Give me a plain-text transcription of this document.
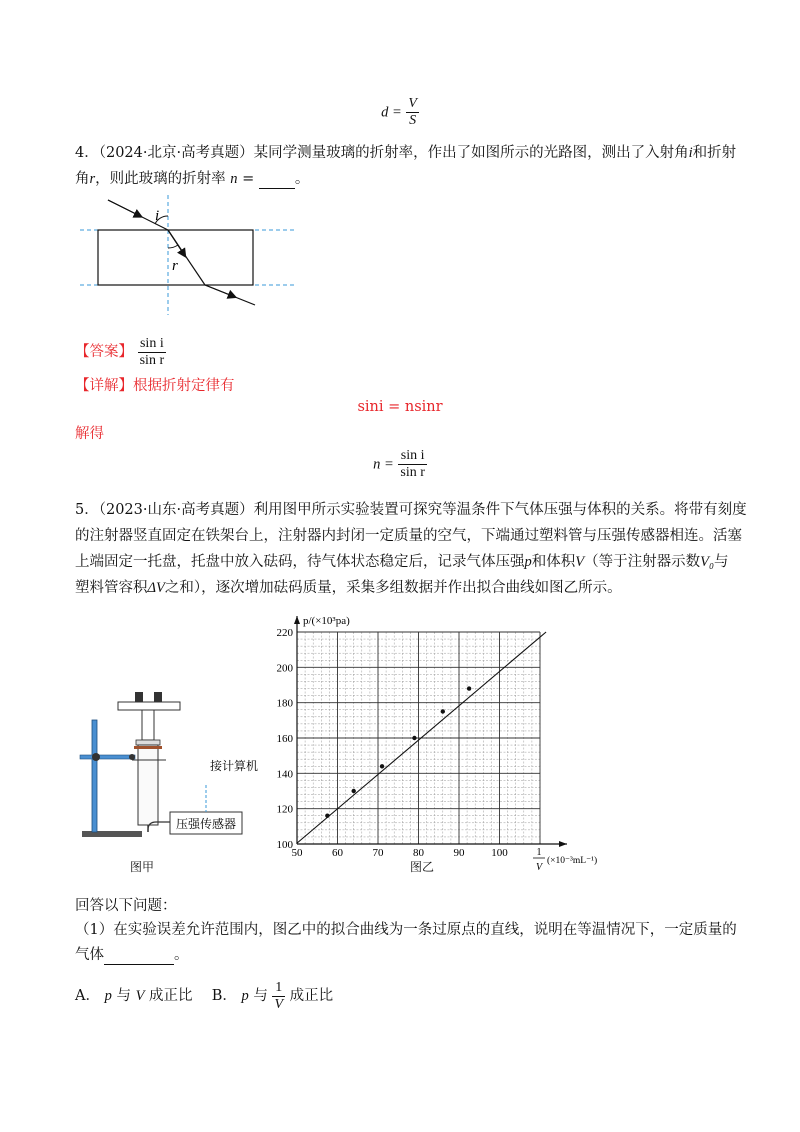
$d = \frac{V}{S}$
4．（2024·北京·高考真题）某同学测量玻璃的折射率，作出了如图所示的光路图，测出了入射角i和折射
角r，则此玻璃的折射率 n =	。
i
r
【答案】 $\frac{\text{sin i}}{\text{sin r}}$
【详解】根据折射定律有
sini = nsinr
解得
$n = \frac{\text{sin i}}{\text{sin r}}$
5．（2023·山东·高考真题）利用图甲所示实验装置可探究等温条件下气体压强与体积的关系。将带有刻度
的注射器竖直固定在铁架台上，注射器内封闭一定质量的空气，下端通过塑料管与压强传感器相连。活塞
上端固定一托盘，托盘中放入砝码，待气体状态稳定后，记录气体压强p和体积V（等于注射器示数V₀与
塑料管容积ΔV之和），逐次增加砝码质量，采集多组数据并作出拟合曲线如图乙所示。
压强传感器
接计算机
图甲
50	60	70	80	90 100
100
120
140
160
180
200
220
p/(×10³pa)
1
V
(×10⁻³mL⁻¹)
图乙
回答以下问题：
（1）在实验误差允许范围内，图乙中的拟合曲线为一条过原点的直线，说明在等温情况下，一定质量的
气体	。
A． p 与 V 成正比 B． p 与 $\frac{1}{V}$ 成正比
